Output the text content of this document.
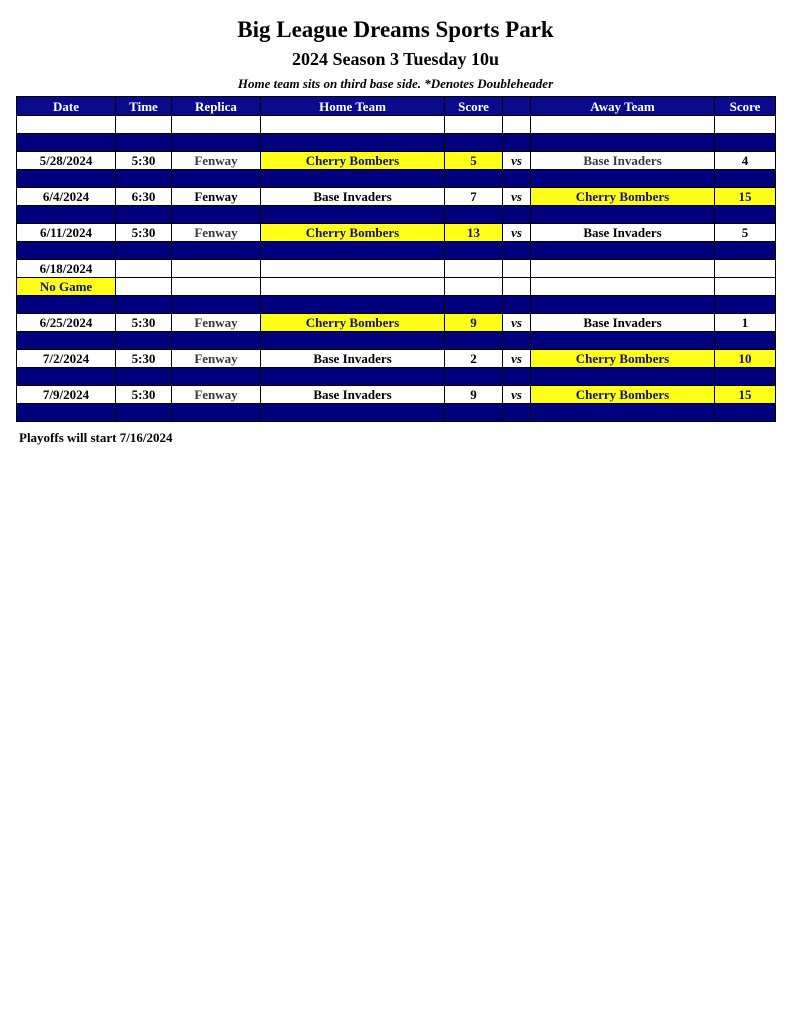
Big League Dreams Sports Park
2024 Season 3 Tuesday 10u
Home team sits on third base side. *Denotes Doubleheader
Date	Time	Replica	Home Team	Score		Away Team	Score

5/28/2024	5:30	Fenway	Cherry Bombers	5	vs	Base Invaders	4

6/4/2024	6:30	Fenway	Base Invaders	7	vs	Cherry Bombers	15

6/11/2024	5:30	Fenway	Cherry Bombers	13	vs	Base Invaders	5

6/18/2024							
No Game							

6/25/2024	5:30	Fenway	Cherry Bombers	9	vs	Base Invaders	1

7/2/2024	5:30	Fenway	Base Invaders	2	vs	Cherry Bombers	10

7/9/2024	5:30	Fenway	Base Invaders	9	vs	Cherry Bombers	15

Playoffs will start 7/16/2024
